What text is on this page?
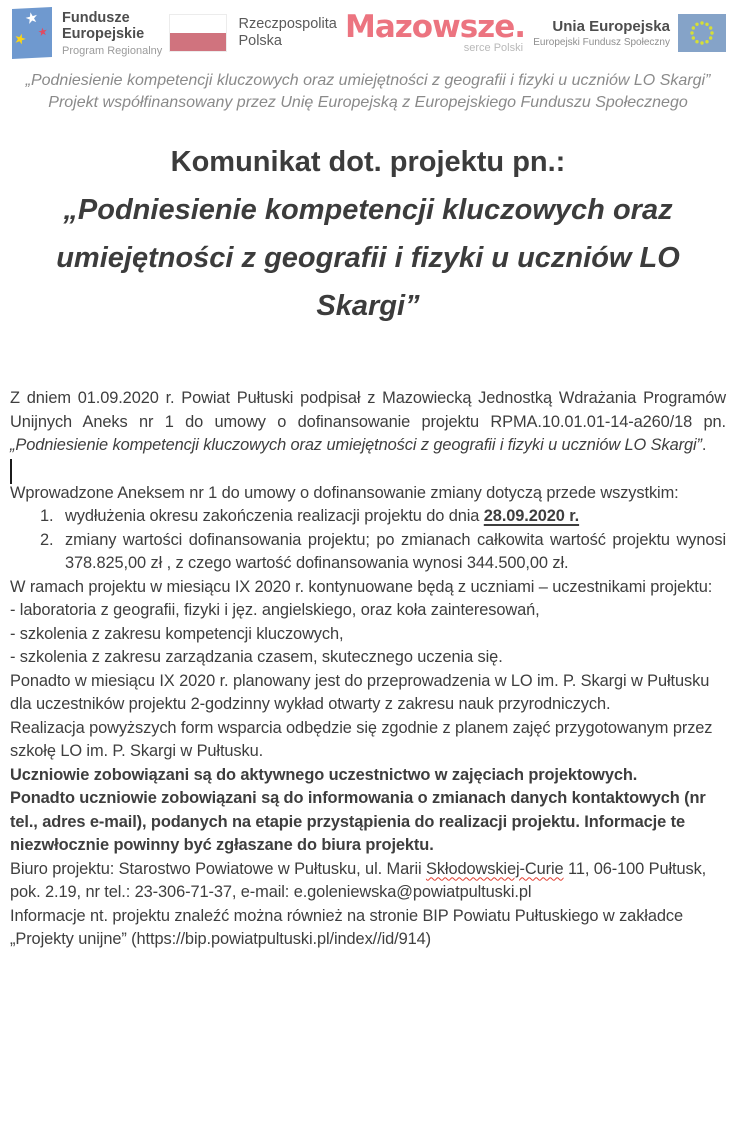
★
★ ★
Fundusze
Europejskie
Program Regionalny
Rzeczpospolita
Polska	Mazowsze.
serce Polski
Unia Europejska
Europejski Fundusz Społeczny
„Podniesienie kompetencji kluczowych oraz umiejętności z geografii i fizyki u uczniów LO Skargi”
Projekt współfinansowany przez Unię Europejską z Europejskiego Funduszu Społecznego
Komunikat dot. projektu pn.:
„Podniesienie kompetencji kluczowych oraz umiejętności z geografii i fizyki u uczniów LO Skargi”

Z dniem 01.09.2020 r. Powiat Pułtuski podpisał z Mazowiecką Jednostką Wdrażania Programów Unijnych Aneks nr 1 do umowy o dofinansowanie projektu RPMA.10.01.01-14-a260/18 pn. „Podniesienie kompetencji kluczowych oraz umiejętności z geografii i fizyki u uczniów LO Skargi”.

Wprowadzone Aneksem nr 1 do umowy o dofinansowanie zmiany dotyczą przede wszystkim:

1. wydłużenia okresu zakończenia realizacji projektu do dnia 28.09.2020 r.
2. zmiany wartości dofinansowania projektu; po zmianach całkowita wartość projektu wynosi 378.825,00 zł , z czego wartość dofinansowania wynosi 344.500,00 zł.

W ramach projektu w miesiącu IX 2020 r. kontynuowane będą z uczniami – uczestnikami projektu:

- laboratoria z geografii, fizyki i jęz. angielskiego, oraz koła zainteresowań,

- szkolenia z zakresu kompetencji kluczowych,

- szkolenia z zakresu zarządzania czasem, skutecznego uczenia się.

Ponadto w miesiącu IX 2020 r. planowany jest do przeprowadzenia w LO im. P. Skargi w Pułtusku dla uczestników projektu 2-godzinny wykład otwarty z zakresu nauk przyrodniczych.

Realizacja powyższych form wsparcia odbędzie się zgodnie z planem zajęć przygotowanym przez szkołę LO im. P. Skargi w Pułtusku.

Uczniowie zobowiązani są do aktywnego uczestnictwo w zajęciach projektowych.
Ponadto uczniowie zobowiązani są do informowania o zmianach danych kontaktowych (nr tel., adres e-mail), podanych na etapie przystąpienia do realizacji projektu. Informacje te niezwłocznie powinny być zgłaszane do biura projektu.

Biuro projektu: Starostwo Powiatowe w Pułtusku, ul. Marii Skłodowskiej-Curie 11, 06-100 Pułtusk, pok. 2.19, nr tel.: 23-306-71-37, e-mail: e.goleniewska@powiatpultuski.pl

Informacje nt. projektu znaleźć można również na stronie BIP Powiatu Pułtuskiego w zakładce „Projekty unijne” (https://bip.powiatpultuski.pl/index//id/914)
